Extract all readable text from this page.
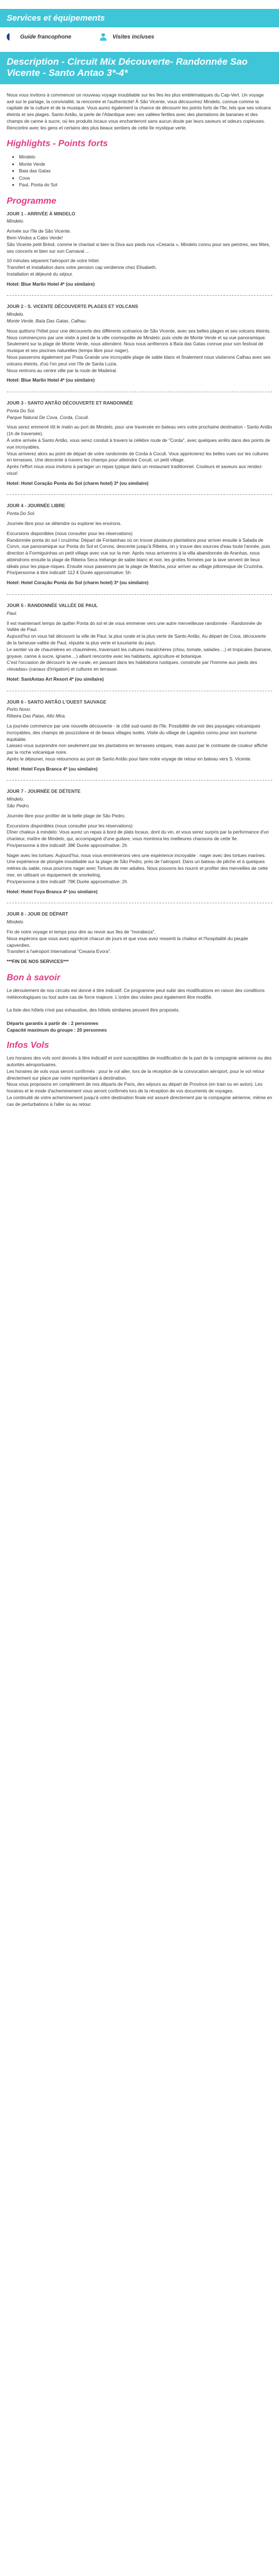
Services et équipements
Guide francophone	Visites incluses
Description - Circuit Mix Découverte- Randonnée Sao Vicente - Santo Antao 3*-4*

Nous vous invitons à commencer un nouveau voyage inoubliable sur les îles les plus emblématiques du Cap-Vert. Un voyage axé sur le partage, la convivialité, la rencontre et l'authenticité! À São Vicente, vous découvrirez Mindelo, connue comme la capitale de la culture et de la musique. Vous aurez également la chance de découvrir les points forts de l'île, tels que ses volcans éteints et ses plages. Santo Antão, la perle de l'Atlantique avec ses vallées fertiles avec des plantations de bananes et des champs de canne à sucre, où les produits locaux vous enchanteront sans aucun doute par leurs saveurs et odeurs copieuses. Rencontre avec les gens et certains des plus beaux sentiers de cette île mystique verte.

Highlights - Points forts
• Mindelo
• Monte Verde
• Baia das Gatas
• Cova
• Paul, Ponta do Sol
Programme
JOUR 1 - ARRIVÉE À MINDELO
Mindelo.

Arrivée sur l'île de São Vicente.
Bem-Vindos a Cabo Verde!
São Vicente petit Brésil, comme le chantait si bien la Diva aux pieds nus «Cesaria », Mindelo connu pour ses peintres, ses fêtes, ses concerts et bien sur son Carnaval ...

10 minutes séparent l'aéroport de votre hôtel.
Transfert et installation dans votre pension cap verdienne chez Elisabeth.
Installation et déjeuné du séjour.

Hotel: Blue Marlin Hotel 4* (ou similaire)
JOUR 2 - S. VICENTE DÉCOUVERTE PLAGES ET VOLCANS
Mindelo.
Monte Verde, Baía Das Gatas, Calhau.

Nous quittons l'hôtel pour une découverte des différents scénarios de São Vicente, avec ses belles plages et ses volcans éteints.
Nous commençons par une visite à pied de la ville cosmopolite de Mindelo; puis visite de Monte Verde et sa vue panoramique. Seulement sur la plage de Monte Verde, nous attendent. Nous nous arrêterons à Baía das Gatas connue pour son festival de musique et ses piscines naturelles (temps libre pour nager).
Nous passerons également par Praia Grande une incroyable plage de sable blanc et finalement nous visiterons Calhau avec ses volcans éteints, d'où l'on peut voir l'île de Santa Luzia.
Nous rentrons au centre ville par la route de Madeiral.

Hotel: Blue Marlin Hotel 4* (ou similaire)
JOUR 3 - SANTO ANTÃO DÉCOUVERTE ET RANDONNÉE
Ponta Do Sol.
Parque Natural De Cova, Corda, Coculi.

Vous serez emmené tôt le matin au port de Mindelo, pour une traversée en bateau vers votre prochaine destination - Santo Antão (1h de traversée).
À votre arrivée à Santo Antão, vous serez conduit à travers la célèbre route de "Corda", avec quelques arrêts dans des points de vue incroyables.
Vous arriverez alors au point de départ de votre randonnée de Corda à Coculi. Vous apprécierez les belles vues sur les cultures en terrasses. Une descente à travers les champs pour atteindre Coculi, un petit village.
Après l'effort nous vous invitons à partager un repas typique dans un restaurant traditionnel. Couleurs et saveurs aux rendez-vous!

Hotel: Hotel Coração Ponta do Sol (charm hotel) 3* (ou similaire)
JOUR 4 - JOURNÉE LIBRE
Ponta Do Sol.

Journée libre pour se détendre ou explorer les environs.

Excursions disponibles (nous consulter pour les réservations)
Randonnée ponta do sol I cruzinha: Départ de Fontainhas où on trouve plusieurs plantations pour arriver ensuite à Salada de Corvo, vue panoramique sur Ponta do Sol et Corvos, descente jusqu'à Ribeira, on y trouve des sources d'eau toute l'année, puis direction à Formiguinhas un petit village avec vue sur la mer. Après nous arriverons à la villa abandonnée de Aranhas, nous atteindrons ensuite la plage de Ribeira Seca mélange de sable blanc et noir, les grottes formées par la lave servent de lieux idéals pour les pique-niques. Ensuite nous passerons par la plage de Matcha, pour arriver au village pittoresque de Cruzinha.
Prix/personne à titre indicatif: 112 € Durée approximative: 5h

Hotel: Hotel Coração Ponta do Sol (charm hotel) 3* (ou similaire)
JOUR 5 - RANDONNÉE VALLÉE DE PAUL
Paul.

Il est maintenant temps de quitter Ponta do sol et de vous emmener vers une autre merveilleuse randonnée - Randonnée de Vallée de Paul.
Aujourd'hui on vous fait découvrir la ville de Paul, la plus rurale et la plus verte de Santo Antão. Au départ de Cova, découverte de la fameuse vallée de Paul, réputée la plus verte et luxuriante du pays.
Le sentier va de chaumières en chaumières, traversant les cultures maraîchères (chou, tomate, salades....) et tropicales (banane, goyave, canne à sucre, igname....) alliant rencontre avec les habitants, agriculture et botanique.
C'est l'occasion de découvrir la vie rurale, en passant dans les habitations rustiques, construite par l'homme aux pieds des «levadas» (canaux d'irrigation) et cultures en terrasse.

Hotel: SantAntao Art Resort 4* (ou similaire)
JOUR 6 - SANTO ANTÃO L'OUEST SAUVAGE
Porto Novo.
Ribeira Das Patas, Alto Mira.

La journée commence par une nouvelle découverte - le côté sud-ouest de l'île. Possibilité de voir des paysages volcaniques incroyables, des champs de pouzzolane et de beaux villages isolés. Visite du village de Lagedos connu pour son tourisme équitable.
Laissez-vous surprendre non seulement par les plantations en terrasses uniques, mais aussi par le contraste de couleur affiché par la roche volcanique noire.
Après le déjeuner, nous retournons au port de Santo Antão pour faire notre voyage de retour en bateau vers S. Vicente.

Hotel: Hotel Foya Branca 4* (ou similaire)
JOUR 7 - JOURNÉE DE DÉTENTE
Mindelo.
São Pedro.

Journée libre pour profiter de la belle plage de São Pedro.

Excursions disponibles (nous consulter pour les réservations)
Dîner chaleux à mindelo: Vous aurez un repas à bord de plats locaux, dont du vin, et vous serez surpris par la performance d'un chanteur, maître de Mindelo, qui, accompagné d'une guitare, vous montrera les meilleures chansons de cette île.
Prix/personne à titre indicatif: 38€ Durée approximative: 2h

Nager avec les tortues: Aujourd'hui, nous vous emmènerons vers une expérience incroyable : nager avec des tortues marines. Une expérience de plongée inoubliable sur la plage de São Pedro, près de l'aéroport. Dans un bateau de pêche et à quelques mètres du sable, nous pourrons nager avec Tortues de mer adultes. Nous pouvons les nourrir et profiter des merveilles de cette mer, en utilisant un équipement de snorkeling.
Prix/personne à titre indicatif: 78€ Durée approximative: 2h

Hotel: Hotel Foya Branca 4* (ou similaire)
JOUR 8 - JOUR DE DÉPART
Mindelo.

Fin de notre voyage et temps pour dire au revoir aux îles de "morabeza".
Nous espérons que vous avez apprécié chacun de jours et que vous avez ressenti la chaleur et l'hospitalité du peuple capverdien.
Transfert à l'aéroport International "Cesaria Evora".

***FIN DE NOS SERVICES***
Bon à savoir

Le déroulement de nos circuits est donné à titre indicatif. Ce programme peut subir des modifications en raison des conditions météorologiques ou tout autre cas de force majeure. L'ordre des visites peut également être modifié.

La liste des hôtels n'est pas exhaustive, des hôtels similaires peuvent être proposés.

Départs garantis à partir de : 2 personnes

Capacité maximum du groupe : 20 personnes

Infos Vols

Les horaires des vols sont donnés à titre indicatif et sont susceptibles de modification de la part de la compagnie aérienne ou des autorités aéroportuaires.
Les horaires de vols vous seront confirmés : pour le vol aller, lors de la réception de la convocation aéroport, pour le vol retour directement sur place par notre représentant à destination.
Nous vous proposons en complément de nos départs de Paris, des séjours au départ de Province (en train ou en avion). Les horaires et le mode d'acheminement vous seront confirmés lors de la réception de vos documents de voyages.
La continuité de votre acheminement jusqu'à votre destination finale est assuré directement par la compagnie aérienne, même en cas de perturbations à l'aller ou au retour.
